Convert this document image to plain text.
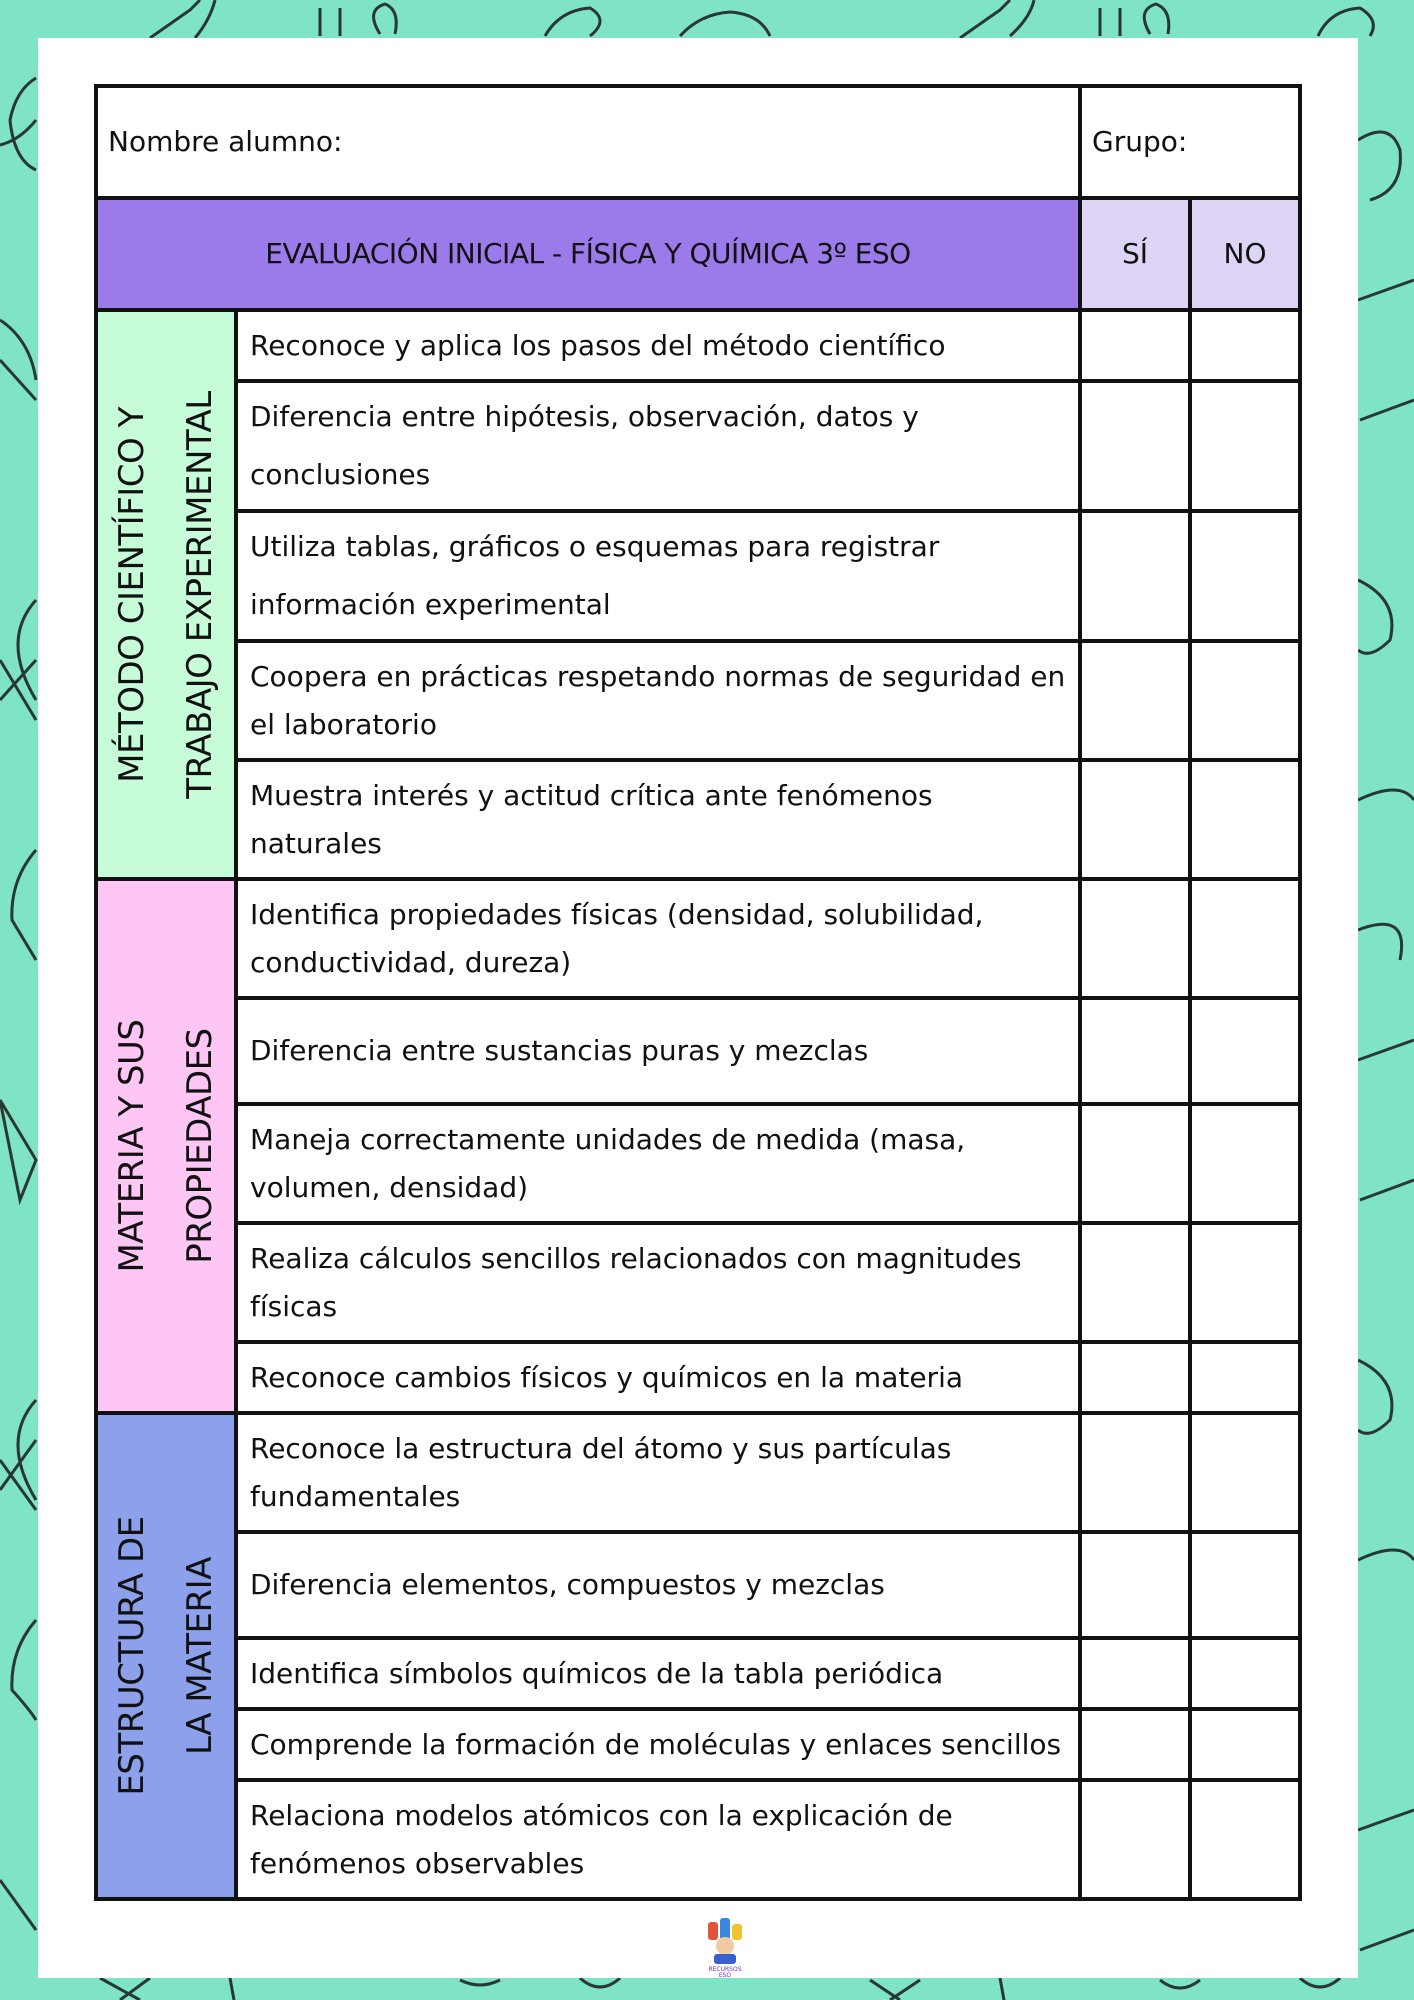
Nombre alumno:		Grupo:	
EVALUACIÓN INICIAL - FÍSICA Y QUÍMICA 3º ESO		SÍ	NO

MÉTODO CIENTÍFICO Y TRABAJO EXPERIMENTAL	Reconoce y aplica los pasos del método científico		
	Diferencia entre hipótesis, observación, datos y conclusiones		
	Utiliza tablas, gráficos o esquemas para registrar información experimental		
	Coopera en prácticas respetando normas de seguridad en el laboratorio		
	Muestra interés y actitud crítica ante fenómenos naturales		

MATERIA Y SUS PROPIEDADES	Identifica propiedades físicas (densidad, solubilidad, conductividad, dureza)		
	Diferencia entre sustancias puras y mezclas		
	Maneja correctamente unidades de medida (masa, volumen, densidad)		
	Realiza cálculos sencillos relacionados con magnitudes físicas		
	Reconoce cambios físicos y químicos en la materia		

ESTRUCTURA DE LA MATERIA	Reconoce la estructura del átomo y sus partículas fundamentales		
	Diferencia elementos, compuestos y mezclas		
	Identifica símbolos químicos de la tabla periódica		
	Comprende la formación de moléculas y enlaces sencillos		
	Relaciona modelos atómicos con la explicación de fenómenos observables		
RECURSOS
ESO
